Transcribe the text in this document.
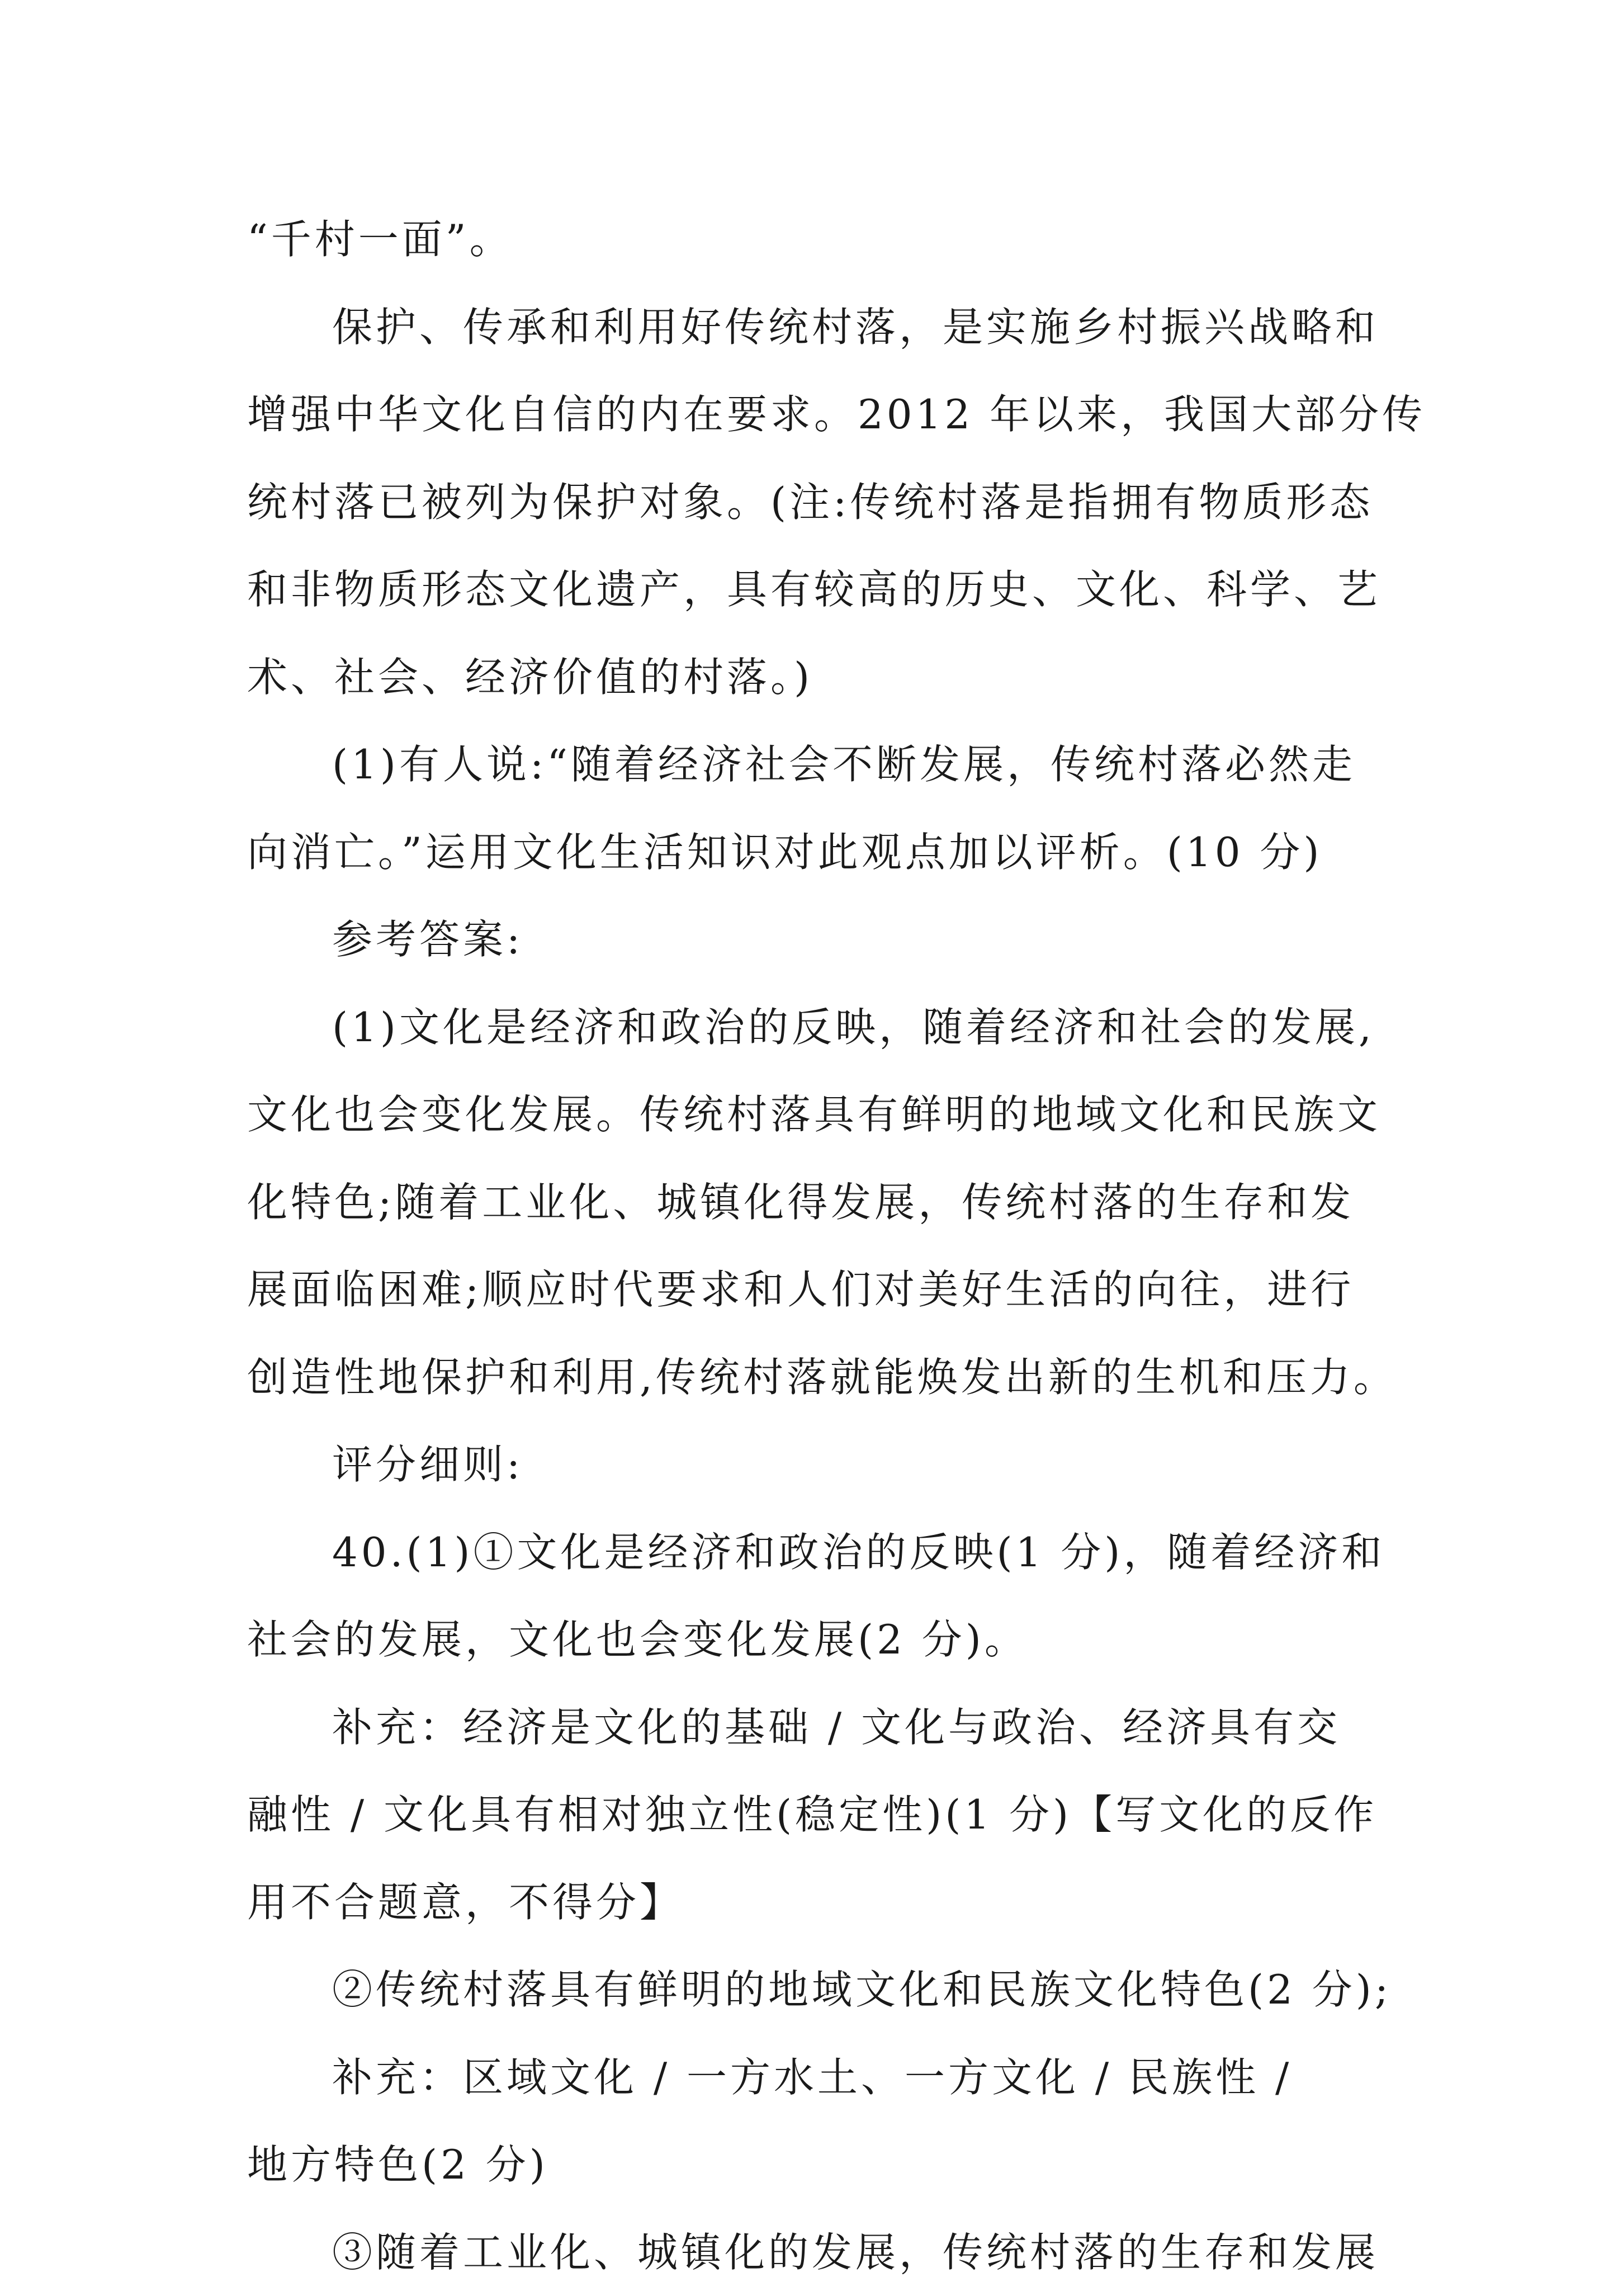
“千村一面”。
保护、传承和利用好传统村落，是实施乡村振兴战略和
增强中华文化自信的内在要求。2012 年以来，我国大部分传
统村落已被列为保护对象。(注:传统村落是指拥有物质形态
和非物质形态文化遗产，具有较高的历史、文化、科学、艺
术、社会、经济价值的村落。)
(1)有人说:“随着经济社会不断发展，传统村落必然走
向消亡。”运用文化生活知识对此观点加以评析。(10 分)
参考答案:
(1)文化是经济和政治的反映，随着经济和社会的发展,
文化也会变化发展。传统村落具有鲜明的地域文化和民族文
化特色;随着工业化、城镇化得发展，传统村落的生存和发
展面临困难;顺应时代要求和人们对美好生活的向往，进行
创造性地保护和利用,传统村落就能焕发出新的生机和压力。
评分细则:
40.(1)①文化是经济和政治的反映(1 分)，随着经济和
社会的发展，文化也会变化发展(2 分)。
补充：经济是文化的基础 / 文化与政治、经济具有交
融性 / 文化具有相对独立性(稳定性)(1 分)【写文化的反作
用不合题意，不得分】
②传统村落具有鲜明的地域文化和民族文化特色(2 分);
补充：区域文化 / 一方水土、一方文化 / 民族性 /
地方特色(2 分)
③随着工业化、城镇化的发展，传统村落的生存和发展
